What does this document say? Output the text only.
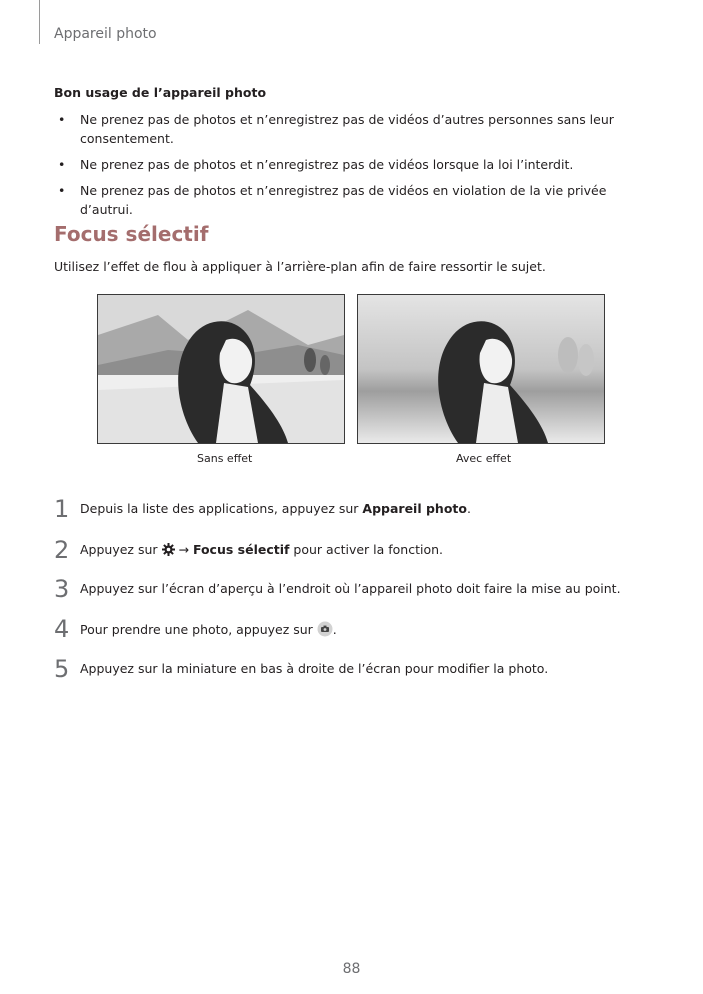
Appareil photo
Bon usage de l’appareil photo
• Ne prenez pas de photos et n’enregistrez pas de vidéos d’autres personnes sans leur consentement.
• Ne prenez pas de photos et n’enregistrez pas de vidéos lorsque la loi l’interdit.
• Ne prenez pas de photos et n’enregistrez pas de vidéos en violation de la vie privée d’autrui.
Focus sélectif
Utilisez l’effet de flou à appliquer à l’arrière-plan afin de faire ressortir le sujet.
Sans effet	Avec effet
1 Depuis la liste des applications, appuyez sur Appareil photo.
2 Appuyez sur  → Focus sélectif pour activer la fonction.
3 Appuyez sur l’écran d’aperçu à l’endroit où l’appareil photo doit faire la mise au point.
4 Pour prendre une photo, appuyez sur .
5 Appuyez sur la miniature en bas à droite de l’écran pour modifier la photo.
88
